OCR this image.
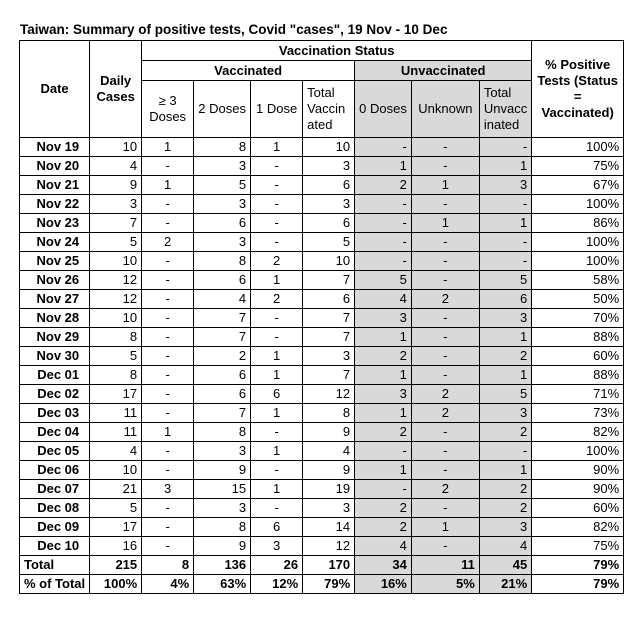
Taiwan: Summary of positive tests, Covid "cases", 19 Nov - 10 Dec
Date	Daily Cases	Vaccination Status							% Positive Tests (Status = Vaccinated)
		Vaccinated				Unvaccinated			
		≥ 3 Doses	2 Doses	1 Dose	Total Vaccin ated	0 Doses	Unknown	Total Unvacc inated	
Nov 19	10	1	8	1	10	-	-	-	100%
Nov 20	4	-	3	-	3	1	-	1	75%
Nov 21	9	1	5	-	6	2	1	3	67%
Nov 22	3	-	3	-	3	-	-	-	100%
Nov 23	7	-	6	-	6	-	1	1	86%
Nov 24	5	2	3	-	5	-	-	-	100%
Nov 25	10	-	8	2	10	-	-	-	100%
Nov 26	12	-	6	1	7	5	-	5	58%
Nov 27	12	-	4	2	6	4	2	6	50%
Nov 28	10	-	7	-	7	3	-	3	70%
Nov 29	8	-	7	-	7	1	-	1	88%
Nov 30	5	-	2	1	3	2	-	2	60%
Dec 01	8	-	6	1	7	1	-	1	88%
Dec 02	17	-	6	6	12	3	2	5	71%
Dec 03	11	-	7	1	8	1	2	3	73%
Dec 04	11	1	8	-	9	2	-	2	82%
Dec 05	4	-	3	1	4	-	-	-	100%
Dec 06	10	-	9	-	9	1	-	1	90%
Dec 07	21	3	15	1	19	-	2	2	90%
Dec 08	5	-	3	-	3	2	-	2	60%
Dec 09	17	-	8	6	14	2	1	3	82%
Dec 10	16	-	9	3	12	4	-	4	75%
Total	215	8	136	26	170	34	11	45	79%
% of Total	100%	4%	63%	12%	79%	16%	5%	21%	79%
